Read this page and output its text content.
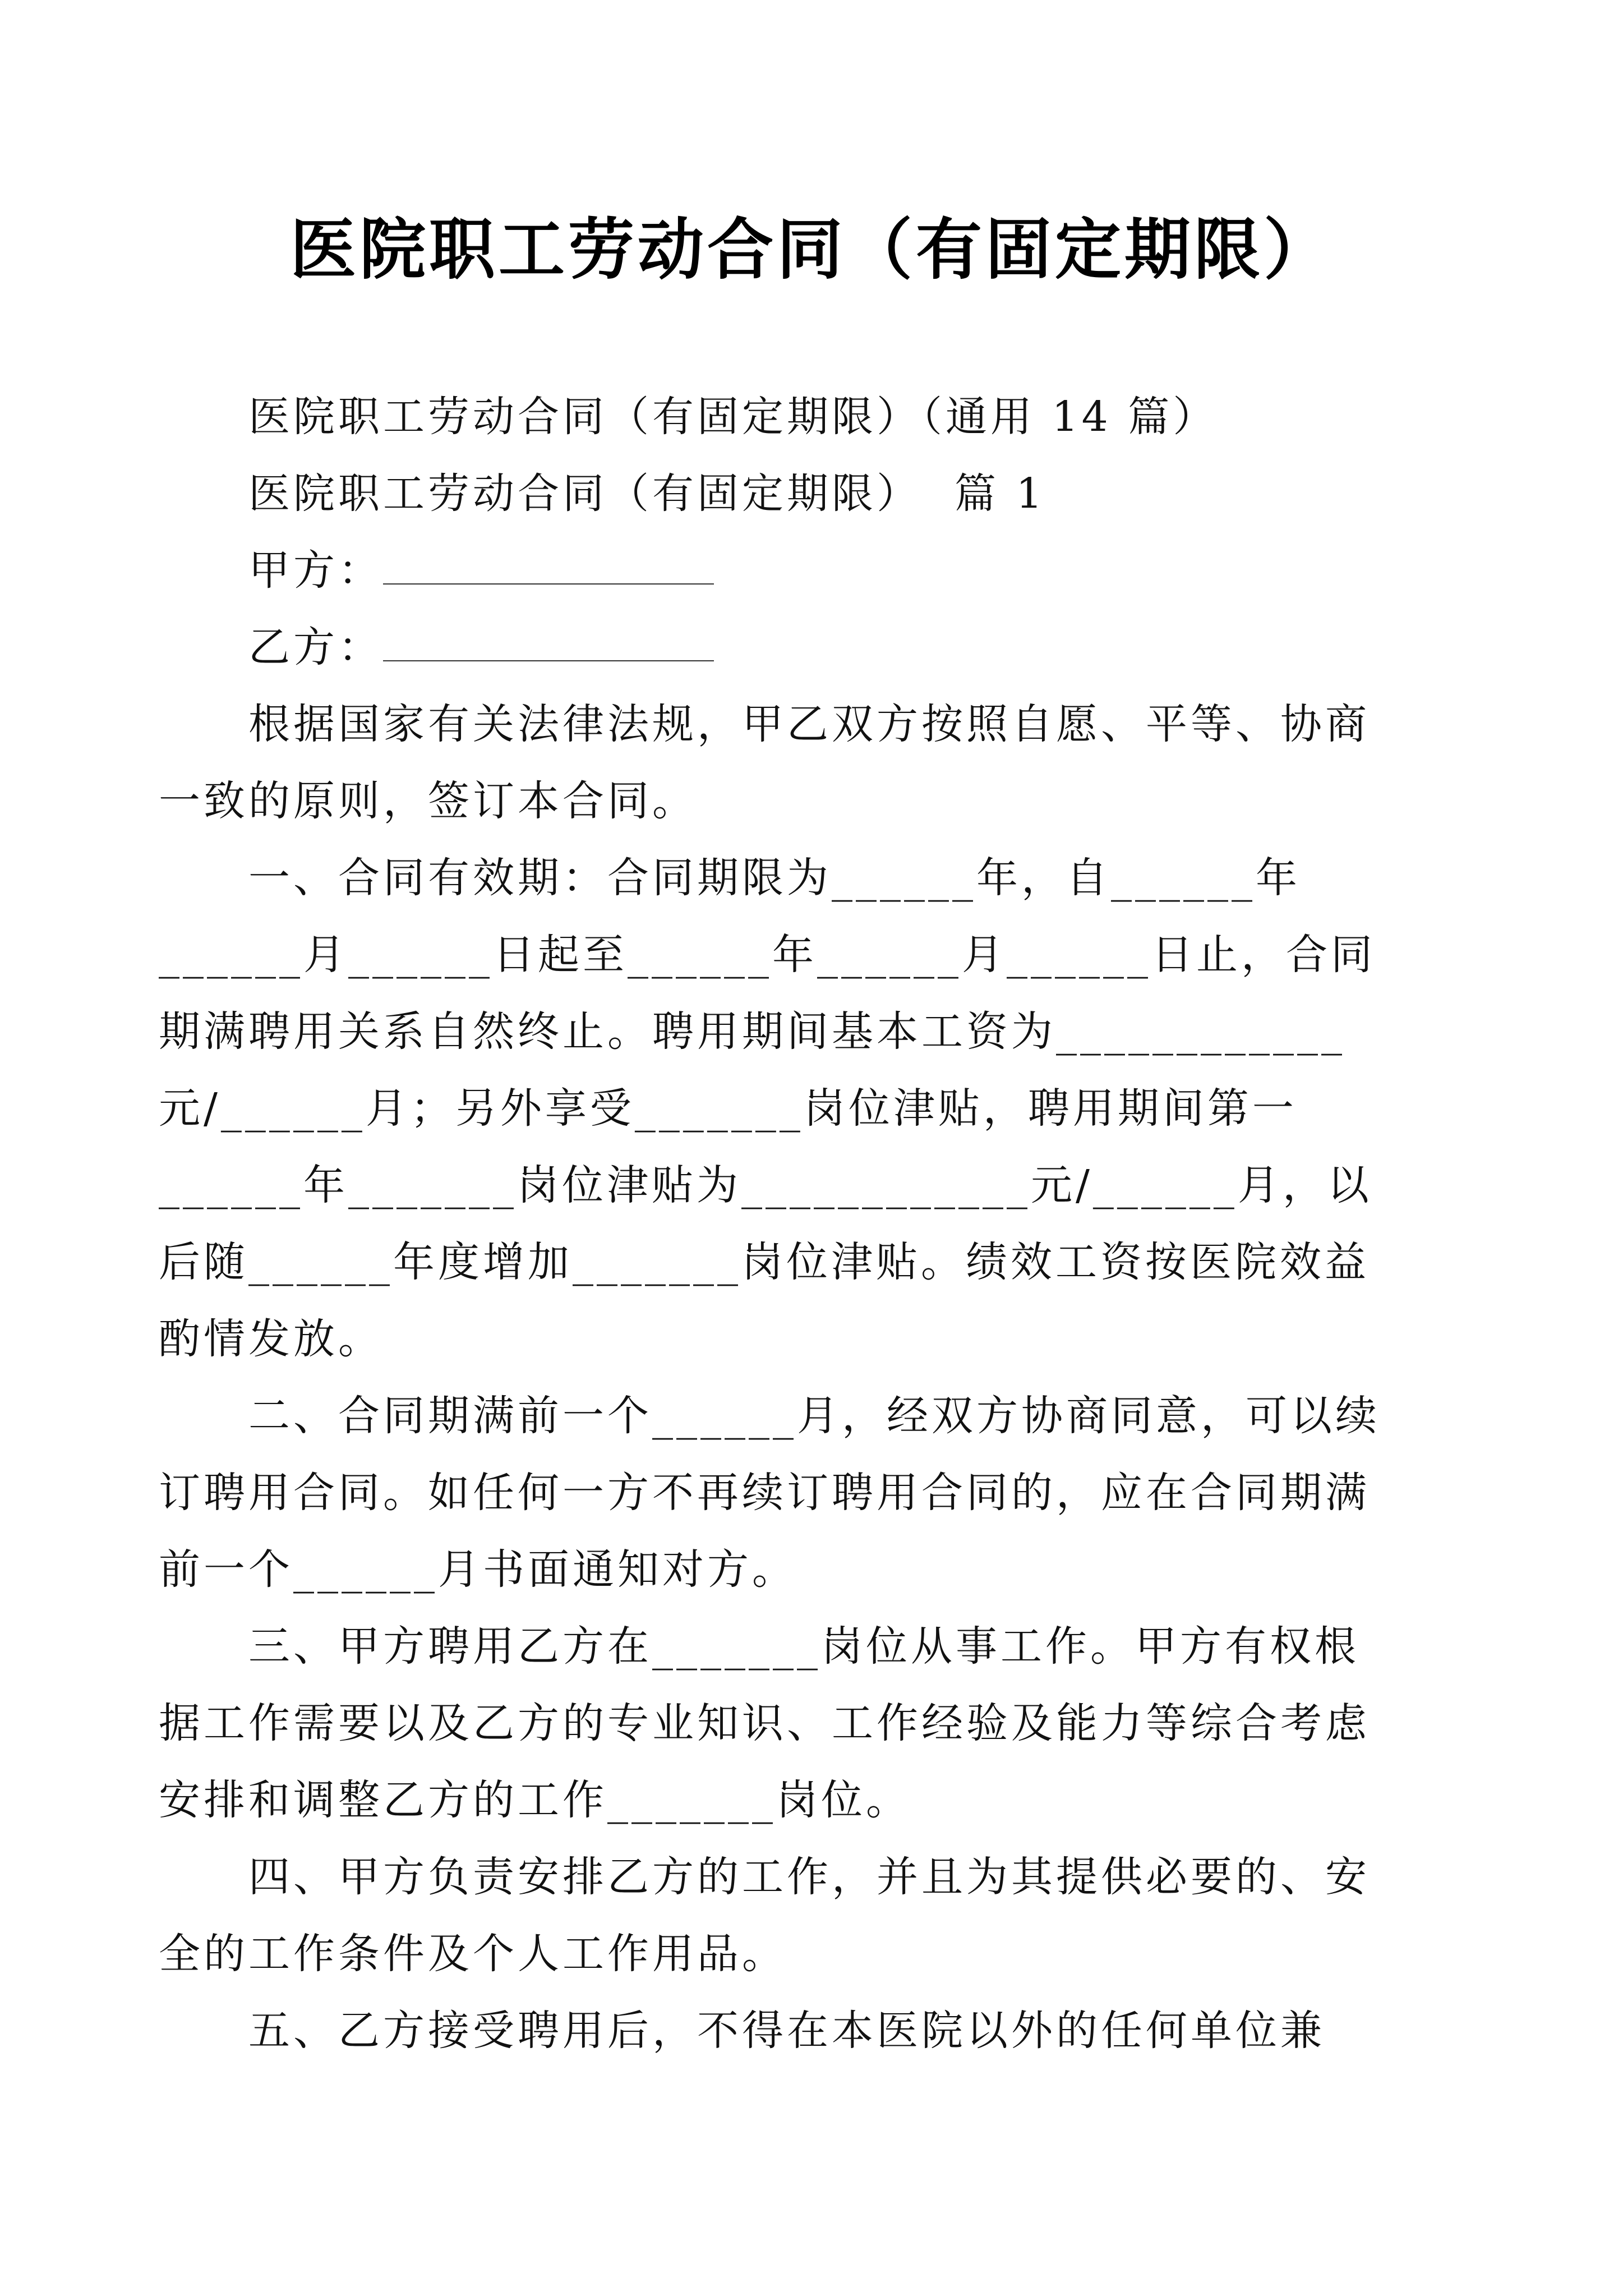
医院职工劳动合同（有固定期限）

医院职工劳动合同（有固定期限）（通用 14 篇）

医院职工劳动合同（有固定期限）  篇 1

甲方：

乙方：

根据国家有关法律法规，甲乙双方按照自愿、平等、协商一致的原则，签订本合同。

一、合同有效期：合同期限为______年，自______年______月______日起至______年______月______日止，合同期满聘用关系自然终止。聘用期间基本工资为____________元/______月；另外享受_______岗位津贴，聘用期间第一______年_______岗位津贴为____________元/______月，以后随______年度增加_______岗位津贴。绩效工资按医院效益酌情发放。

二、合同期满前一个______月，经双方协商同意，可以续订聘用合同。如任何一方不再续订聘用合同的，应在合同期满前一个______月书面通知对方。

三、甲方聘用乙方在_______岗位从事工作。甲方有权根据工作需要以及乙方的专业知识、工作经验及能力等综合考虑安排和调整乙方的工作_______岗位。

四、甲方负责安排乙方的工作，并且为其提供必要的、安全的工作条件及个人工作用品。

五、乙方接受聘用后，不得在本医院以外的任何单位兼
